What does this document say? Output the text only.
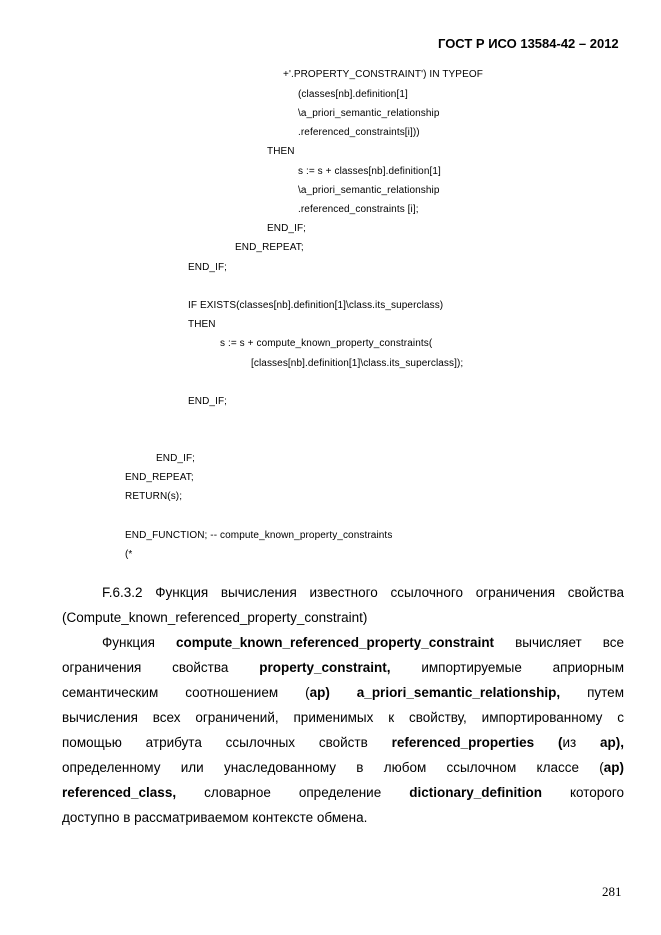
ГОСТ Р ИСО 13584-42 – 2012
+'.PROPERTY_CONSTRAINT') IN TYPEOF
(classes[nb].definition[1]
\a_priori_semantic_relationship
.referenced_constraints[i]))
THEN
s := s + classes[nb].definition[1]
\a_priori_semantic_relationship
.referenced_constraints [i];
END_IF;
END_REPEAT;
END_IF;
IF EXISTS(classes[nb].definition[1]\class.its_superclass)
THEN
s := s + compute_known_property_constraints(
[classes[nb].definition[1]\class.its_superclass]);
END_IF;
END_IF;
END_REPEAT;
RETURN(s);
END_FUNCTION; -- compute_known_property_constraints
(*
F.6.3.2 Функция вычисления известного ссылочного ограничения свойства
(Compute_known_referenced_property_constraint)
Функция compute_known_referenced_property_constraint вычисляет все
ограничения свойства property_constraint, импортируемые априорным
семантическим соотношением (ap) a_priori_semantic_relationship, путем
вычисления всех ограничений, применимых к свойству, импортированному с
помощью атрибута ссылочных свойств referenced_properties (из ap),
определенному или унаследованному в любом ссылочном классе (ap)
referenced_class, словарное определение dictionary_definition которого
доступно в рассматриваемом контексте обмена.
281
